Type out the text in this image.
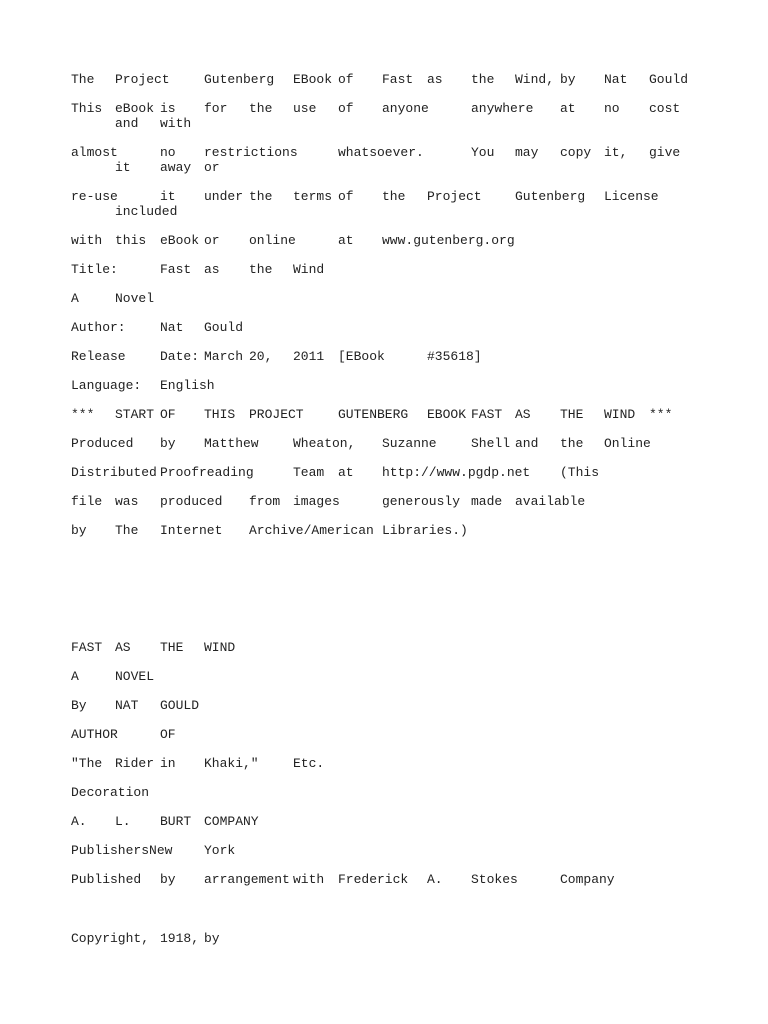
The Project	Gutenberg EBook of Fast as the Wind, by Nat Gould
This eBook is for the use of anyone	anywhere at no cost
and with
almost	no restrictions	whatsoever.	You may copy it, give
it away or
re-use	it under the terms of the Project	Gutenberg License
included
with this eBook or online	at www.gutenberg.org
Title:	Fast as the Wind
A	Novel
Author:	Nat Gould
Release	Date: March 20, 2011 [EBook	#35618]
Language: English
*** START OF THIS PROJECT	GUTENBERG EBOOK FAST AS THE WIND ***
Produced by Matthew	Wheaton, Suzanne	Shell and the Online
Distributed Proofreading	Team at http://www.pgdp.net (This
file was produced from images	generously made available
by The Internet Archive/American Libraries.)
FAST AS THE WIND
A	NOVEL
By NAT GOULD
AUTHOR	OF
"The Rider in Khaki,"	Etc.
Decoration
A. L. BURT COMPANY
PublishersNew York
Published by arrangement with Frederick A. Stokes	Company
Copyright, 1918, by
